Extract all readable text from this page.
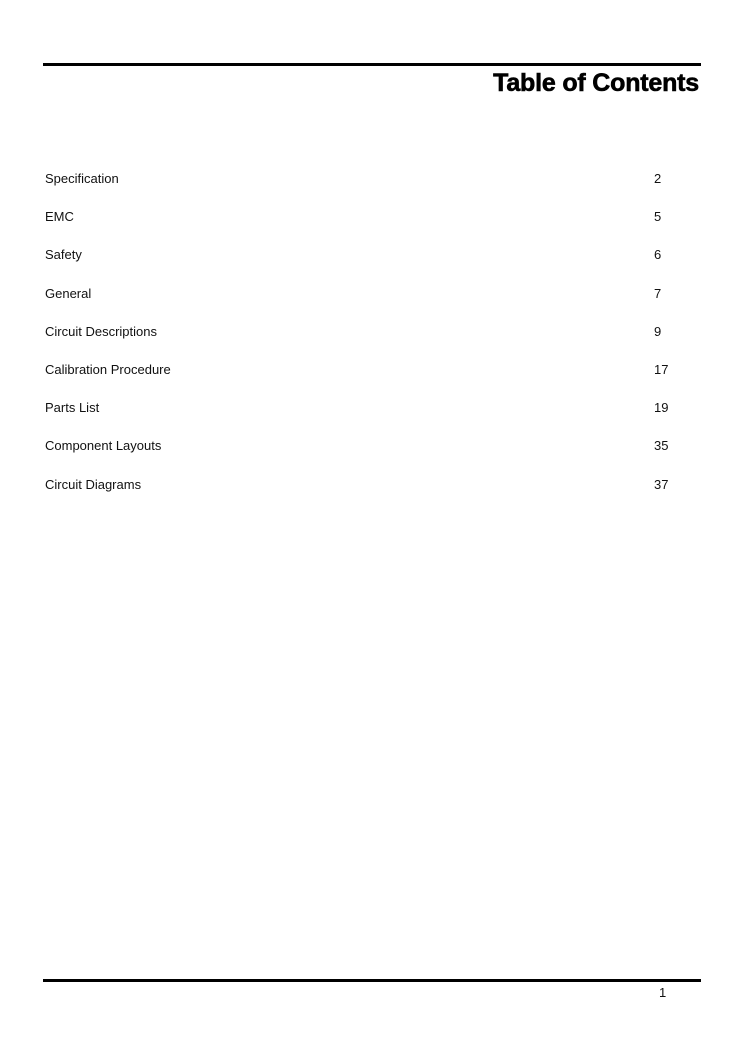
Table of Contents
Specification	2
EMC	5
Safety	6
General	7
Circuit Descriptions	9
Calibration Procedure	17
Parts List	19
Component Layouts	35
Circuit Diagrams	37
1
